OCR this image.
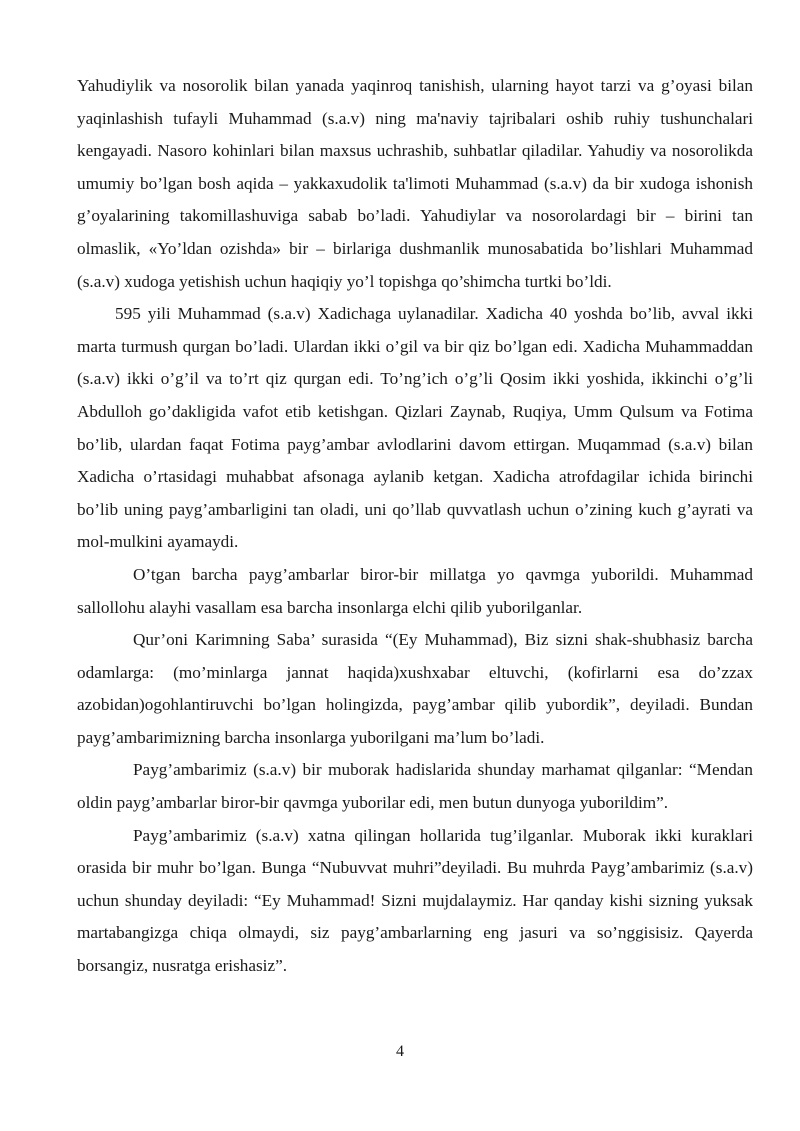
Yahudiylik va nosorolik bilan yanada yaqinroq tanishish, ularning hayot tarzi va g’oyasi bilan yaqinlashish tufayli Muhammad (s.a.v) ning ma'naviy tajribalari oshib ruhiy tushunchalari kengayadi. Nasoro kohinlari bilan maxsus uchrashib, suhbatlar qiladilar. Yahudiy va nosorolikda umumiy bo’lgan bosh aqida – yakkaxudolik ta'limoti Muhammad (s.a.v) da bir xudoga ishonish g’oyalarining takomillashuviga sabab bo’ladi. Yahudiylar va nosorolardagi bir – birini tan olmaslik, «Yo’ldan ozishda» bir – birlariga dushmanlik munosabatida bo’lishlari Muhammad (s.a.v) xudoga yetishish uchun haqiqiy yo’l topishga qo’shimcha turtki bo’ldi.

595 yili Muhammad (s.a.v) Xadichaga uylanadilar. Xadicha 40 yoshda bo’lib, avval ikki marta turmush qurgan bo’ladi. Ulardan ikki o’gil va bir qiz bo’lgan edi. Xadicha Muhammaddan (s.a.v) ikki o’g’il va to’rt qiz qurgan edi. To’ng’ich o’g’li Qosim ikki yoshida, ikkinchi o’g’li Abdulloh go’dakligida vafot etib ketishgan. Qizlari Zaynab, Ruqiya, Umm Qulsum va Fotima bo’lib, ulardan faqat Fotima payg’ambar avlodlarini davom ettirgan. Muqammad (s.a.v) bilan Xadicha o’rtasidagi muhabbat afsonaga aylanib ketgan. Xadicha atrofdagilar ichida birinchi bo’lib uning payg’ambarligini tan oladi, uni qo’llab quvvatlash uchun o’zining kuch g’ayrati va mol-mulkini ayamaydi.

O’tgan barcha payg’ambarlar biror-bir millatga yo qavmga yuborildi. Muhammad sallollohu alayhi vasallam esa barcha insonlarga elchi qilib yuborilganlar.

Qur’oni Karimning Saba’ surasida “(Ey Muhammad), Biz sizni shak-shubhasiz barcha odamlarga: (mo’minlarga jannat haqida)xushxabar eltuvchi, (kofirlarni esa do’zzax azobidan)ogohlantiruvchi bo’lgan holingizda, payg’ambar qilib yubordik”, deyiladi. Bundan payg’ambarimizning barcha insonlarga yuborilgani ma’lum bo’ladi.

Payg’ambarimiz (s.a.v) bir muborak hadislarida shunday marhamat qilganlar: “Mendan oldin payg’ambarlar biror-bir qavmga yuborilar edi, men butun dunyoga yuborildim”.

Payg’ambarimiz (s.a.v) xatna qilingan hollarida tug’ilganlar. Muborak ikki kuraklari orasida bir muhr bo’lgan. Bunga “Nubuvvat muhri”deyiladi. Bu muhrda Payg’ambarimiz (s.a.v) uchun shunday deyiladi: “Ey Muhammad! Sizni mujdalaymiz. Har qanday kishi sizning yuksak martabangizga chiqa olmaydi, siz payg’ambarlarning eng jasuri va so’nggisisiz. Qayerda borsangiz, nusratga erishasiz”.

4
